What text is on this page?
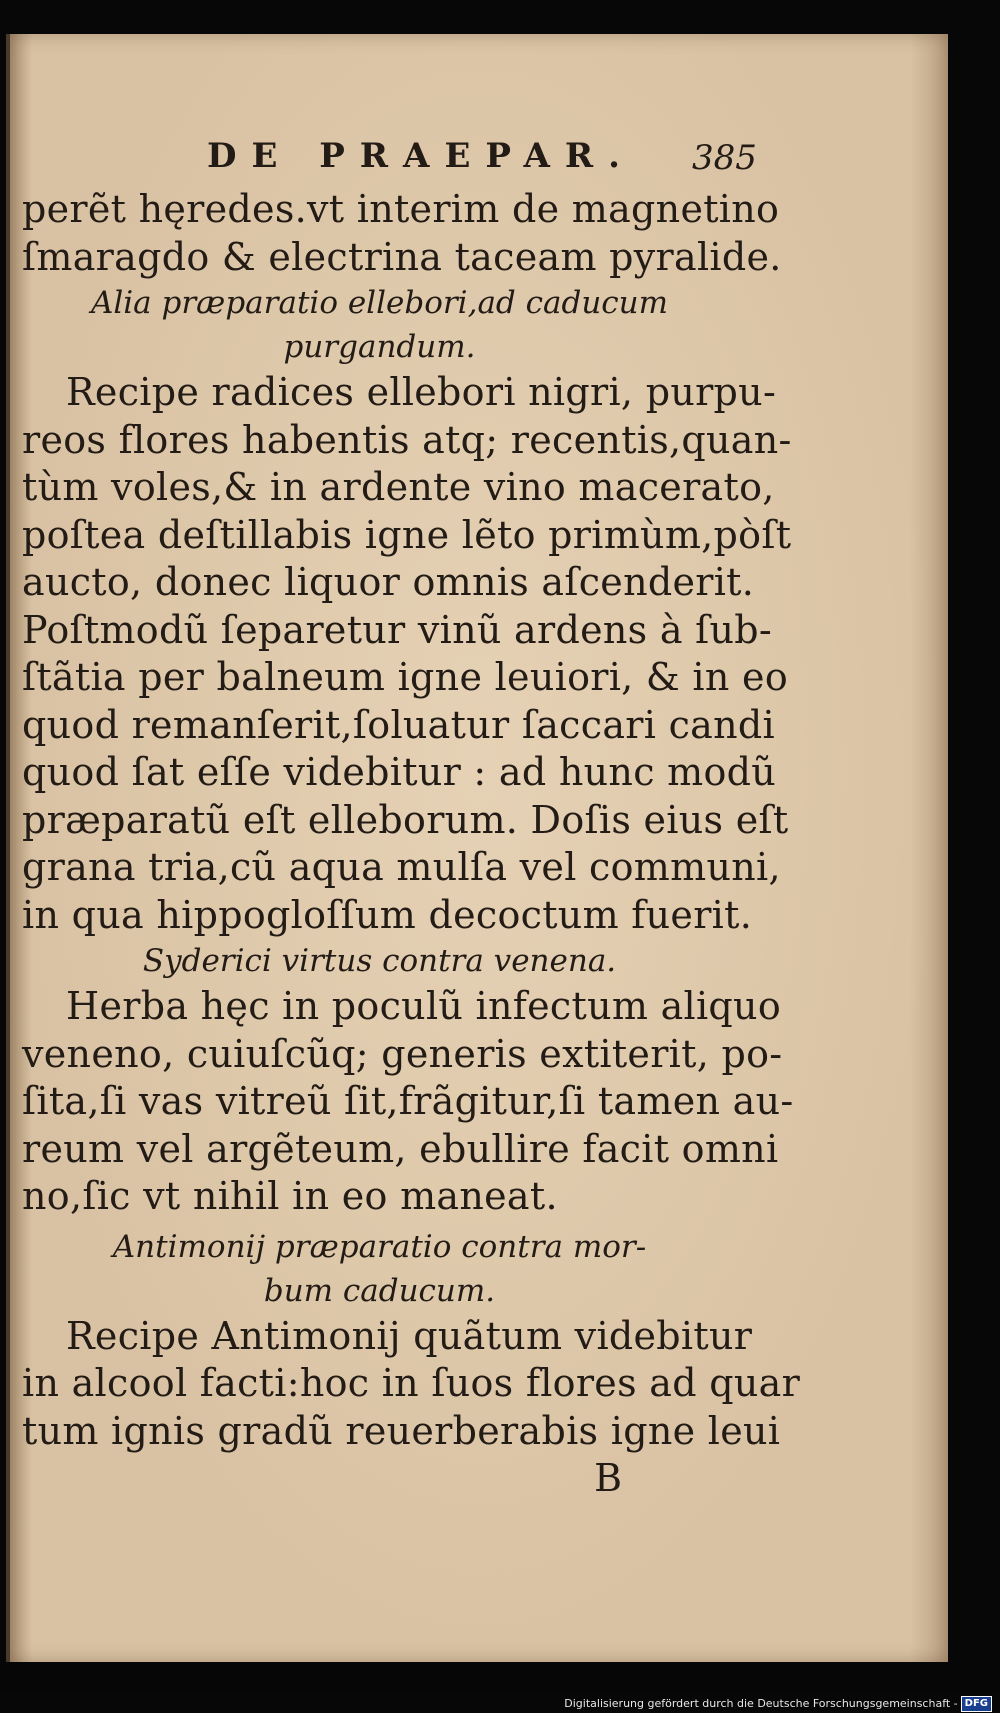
DE PRAEPAR. 385
perẽt hęredes.vt interim de magnetino
ſmaragdo & electrina taceam pyralide.
Alia præparatio ellebori,ad caducum
purgandum.
Recipe radices ellebori nigri, purpu-
reos flores habentis atq; recentis,quan-
tùm voles,& in ardente vino macerato,
poſtea deſtillabis igne lẽto primùm,pòſt
aucto, donec liquor omnis aſcenderit.
Poſtmodũ ſeparetur vinũ ardens à ſub-
ſtãtia per balneum igne leuiori, & in eo
quod remanſerit,ſoluatur ſaccari candi
quod ſat eſſe videbitur : ad hunc modũ
præparatũ eſt elleborum. Doſis eius eſt
grana tria,cũ aqua mulſa vel communi,
in qua hippogloſſum decoctum fuerit.
Syderici virtus contra venena.
Herba hęc in poculũ infectum aliquo
veneno, cuiuſcũq; generis extiterit, po-
ſita,ſi vas vitreũ ſit,frãgitur,ſi tamen au-
reum vel argẽteum, ebullire facit omni
no,ſic vt nihil in eo maneat.
Antimonij præparatio contra mor-
bum caducum.
Recipe Antimonij quãtum videbitur
in alcool facti:hoc in ſuos flores ad quar
tum ignis gradũ reuerberabis igne leui
B
Digitalisierung gefördert durch die Deutsche Forschungsgemeinschaft - DFG
